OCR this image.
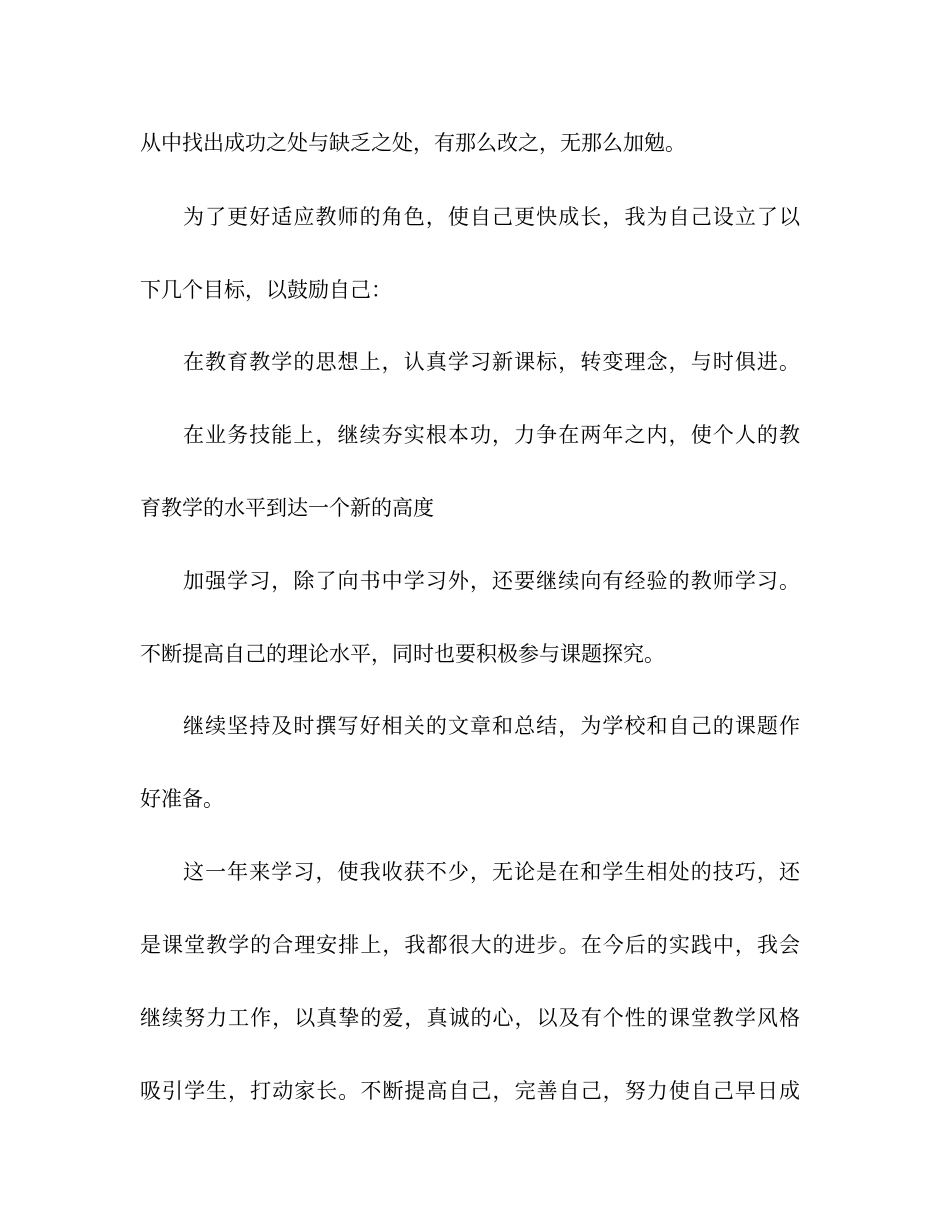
从中找出成功之处与缺乏之处，有那么改之，无那么加勉。
为了更好适应教师的角色，使自己更快成长，我为自己设立了以
下几个目标，以鼓励自己：
在教育教学的思想上，认真学习新课标，转变理念，与时俱进。
在业务技能上，继续夯实根本功，力争在两年之内，使个人的教
育教学的水平到达一个新的高度
加强学习，除了向书中学习外，还要继续向有经验的教师学习。
不断提高自己的理论水平，同时也要积极参与课题探究。
继续坚持及时撰写好相关的文章和总结，为学校和自己的课题作
好准备。
这一年来学习，使我收获不少，无论是在和学生相处的技巧，还
是课堂教学的合理安排上，我都很大的进步。在今后的实践中，我会
继续努力工作，以真挚的爱，真诚的心，以及有个性的课堂教学风格
吸引学生，打动家长。不断提高自己，完善自己，努力使自己早日成
